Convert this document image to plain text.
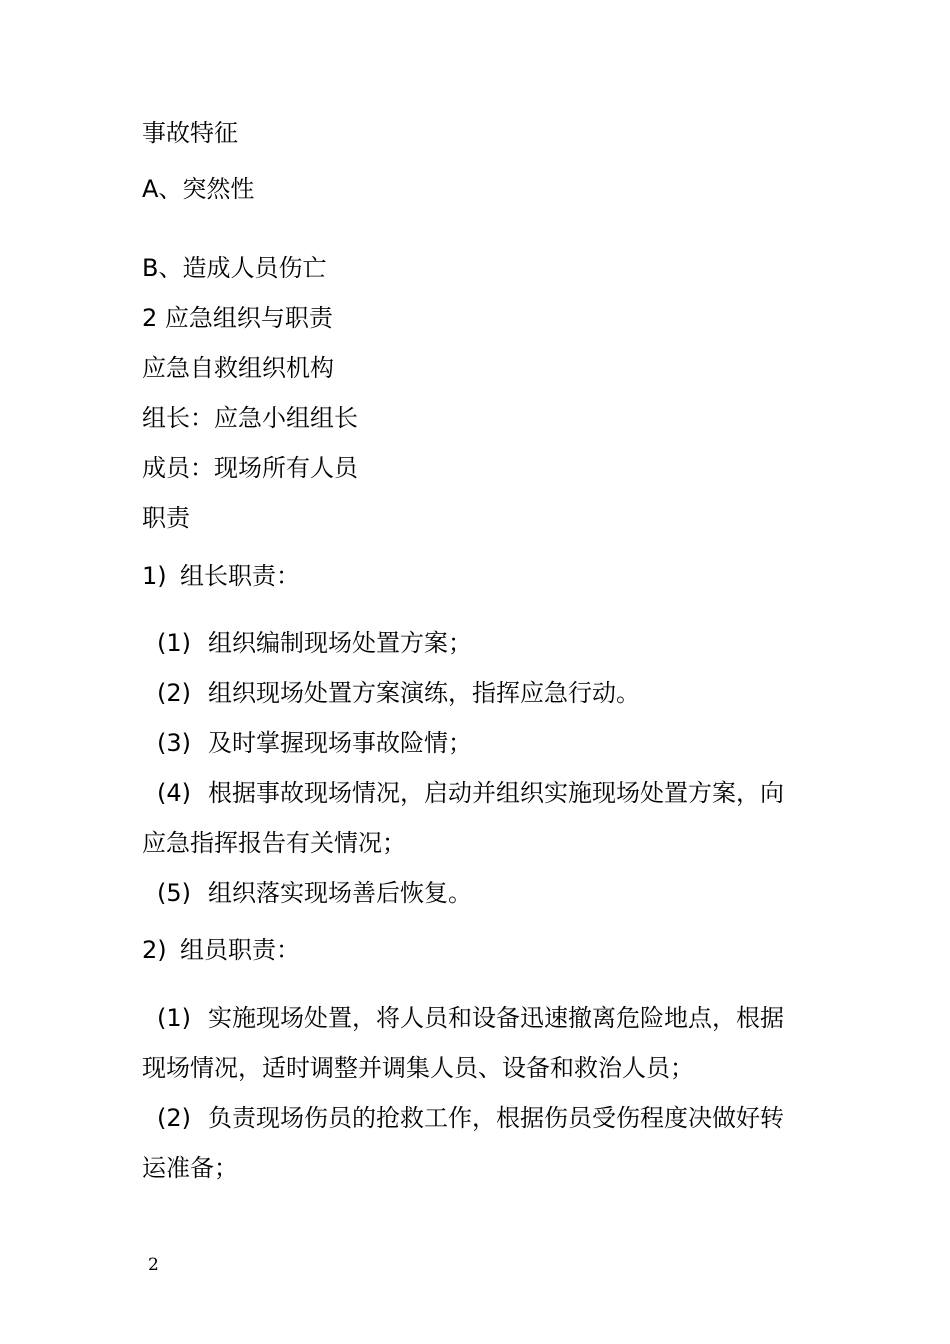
事故特征
A、突然性
B、造成人员伤亡
2 应急组织与职责
应急自救组织机构
组长：应急小组组长
成员：现场所有人员
职责
1) 组长职责：
(1) 组织编制现场处置方案；
(2) 组织现场处置方案演练，指挥应急行动。
(3) 及时掌握现场事故险情；
(4) 根据事故现场情况，启动并组织实施现场处置方案，向
应急指挥报告有关情况；
(5) 组织落实现场善后恢复。
2) 组员职责：
(1) 实施现场处置，将人员和设备迅速撤离危险地点，根据
现场情况，适时调整并调集人员、设备和救治人员；
(2) 负责现场伤员的抢救工作，根据伤员受伤程度决做好转
运准备；
2
